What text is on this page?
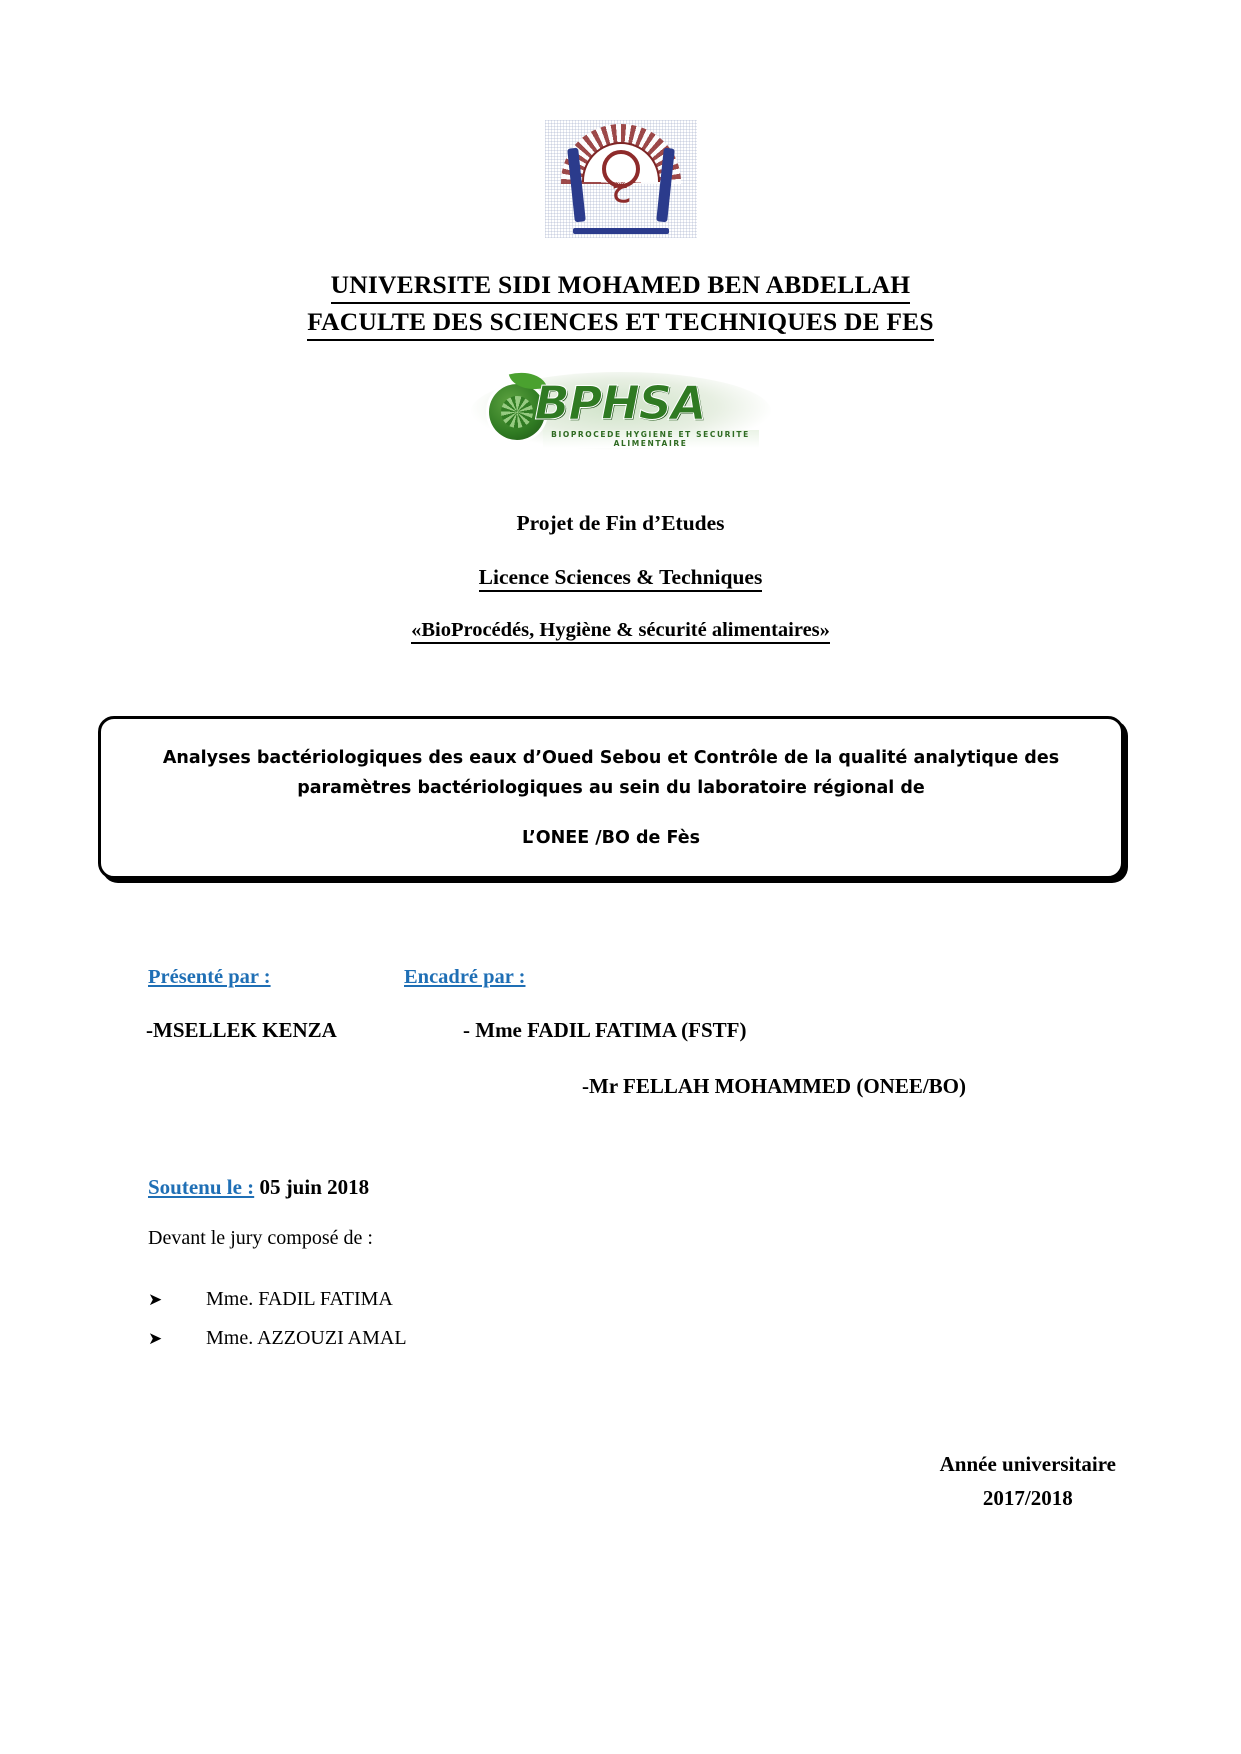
ح
UNIVERSITE SIDI MOHAMED BEN ABDELLAH
FACULTE DES SCIENCES ET TECHNIQUES DE FES
BPHSA
BIOPROCEDE HYGIENE ET SECURITE ALIMENTAIRE
Projet de Fin d’Etudes
Licence Sciences & Techniques
«BioProcédés, Hygiène & sécurité alimentaires»

Analyses bactériologiques des eaux d’Oued Sebou et Contrôle de la qualité analytique des

paramètres bactériologiques au sein du laboratoire régional de

L’ONEE /BO de Fès

Présenté par :	Encadré par :
-MSELLEK KENZA	- Mme FADIL FATIMA (FSTF)
-Mr FELLAH MOHAMMED (ONEE/BO)
Soutenu le : 05 juin 2018
Devant le jury composé de :
➤	Mme. FADIL FATIMA
➤	Mme. AZZOUZI AMAL
Année universitaire
2017/2018
